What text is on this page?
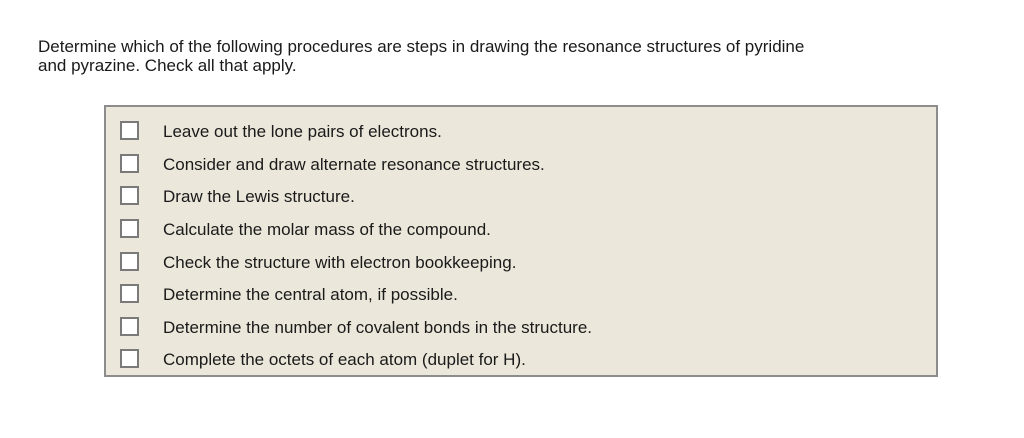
Determine which of the following procedures are steps in drawing the resonance structures of pyridine
and pyrazine. Check all that apply.
Leave out the lone pairs of electrons.
Consider and draw alternate resonance structures.
Draw the Lewis structure.
Calculate the molar mass of the compound.
Check the structure with electron bookkeeping.
Determine the central atom, if possible.
Determine the number of covalent bonds in the structure.
Complete the octets of each atom (duplet for H).
